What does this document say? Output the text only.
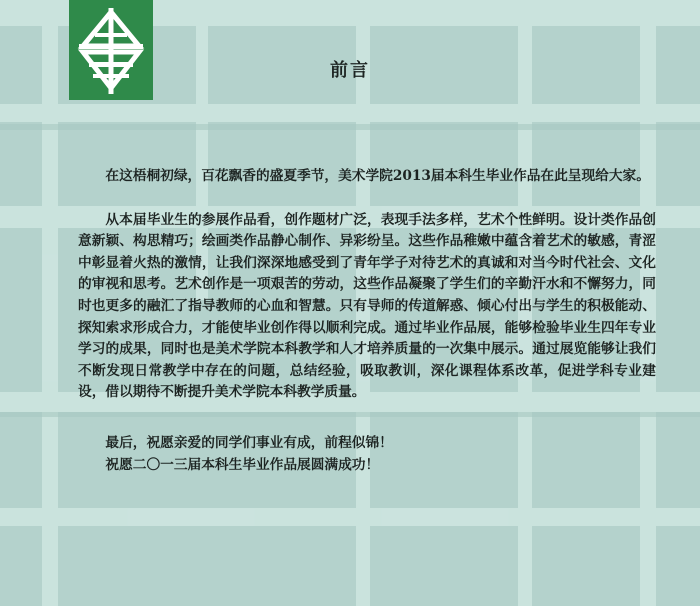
前言

在这梧桐初绿，百花飘香的盛夏季节，美术学院2013届本科生毕业作品在此呈现给大家。

从本届毕业生的参展作品看，创作题材广泛，表现手法多样，艺术个性鲜明。设计类作品创意新颖、构思精巧；绘画类作品静心制作、异彩纷呈。这些作品稚嫩中蕴含着艺术的敏感，青涩中彰显着火热的激情，让我们深深地感受到了青年学子对待艺术的真诚和对当今时代社会、文化的审视和思考。艺术创作是一项艰苦的劳动，这些作品凝聚了学生们的辛勤汗水和不懈努力，同时也更多的融汇了指导教师的心血和智慧。只有导师的传道解惑、倾心付出与学生的积极能动、探知索求形成合力，才能使毕业创作得以顺利完成。通过毕业作品展，能够检验毕业生四年专业学习的成果，同时也是美术学院本科教学和人才培养质量的一次集中展示。通过展览能够让我们不断发现日常教学中存在的问题，总结经验，吸取教训，深化课程体系改革，促进学科专业建设，借以期待不断提升美术学院本科教学质量。

最后，祝愿亲爱的同学们事业有成，前程似锦！

祝愿二〇一三届本科生毕业作品展圆满成功！
